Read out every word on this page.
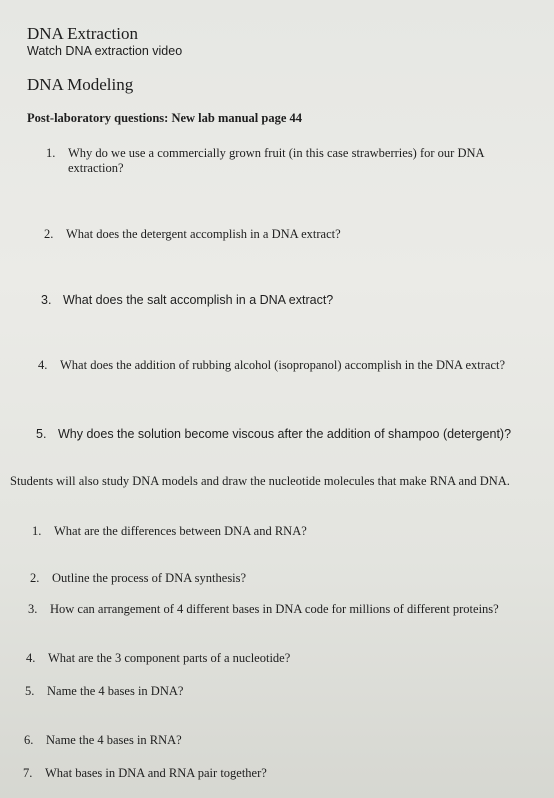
DNA Extraction
Watch DNA extraction video
DNA Modeling
Post-laboratory questions: New lab manual page 44
1. Why do we use a commercially grown fruit (in this case strawberries) for our DNA
extraction?
2. What does the detergent accomplish in a DNA extract?
3. What does the salt accomplish in a DNA extract?
4. What does the addition of rubbing alcohol (isopropanol) accomplish in the DNA extract?
5. Why does the solution become viscous after the addition of shampoo (detergent)?
Students will also study DNA models and draw the nucleotide molecules that make RNA and DNA.
1. What are the differences between DNA and RNA?
2. Outline the process of DNA synthesis?
3. How can arrangement of 4 different bases in DNA code for millions of different proteins?
4. What are the 3 component parts of a nucleotide?
5. Name the 4 bases in DNA?
6. Name the 4 bases in RNA?
7. What bases in DNA and RNA pair together?
